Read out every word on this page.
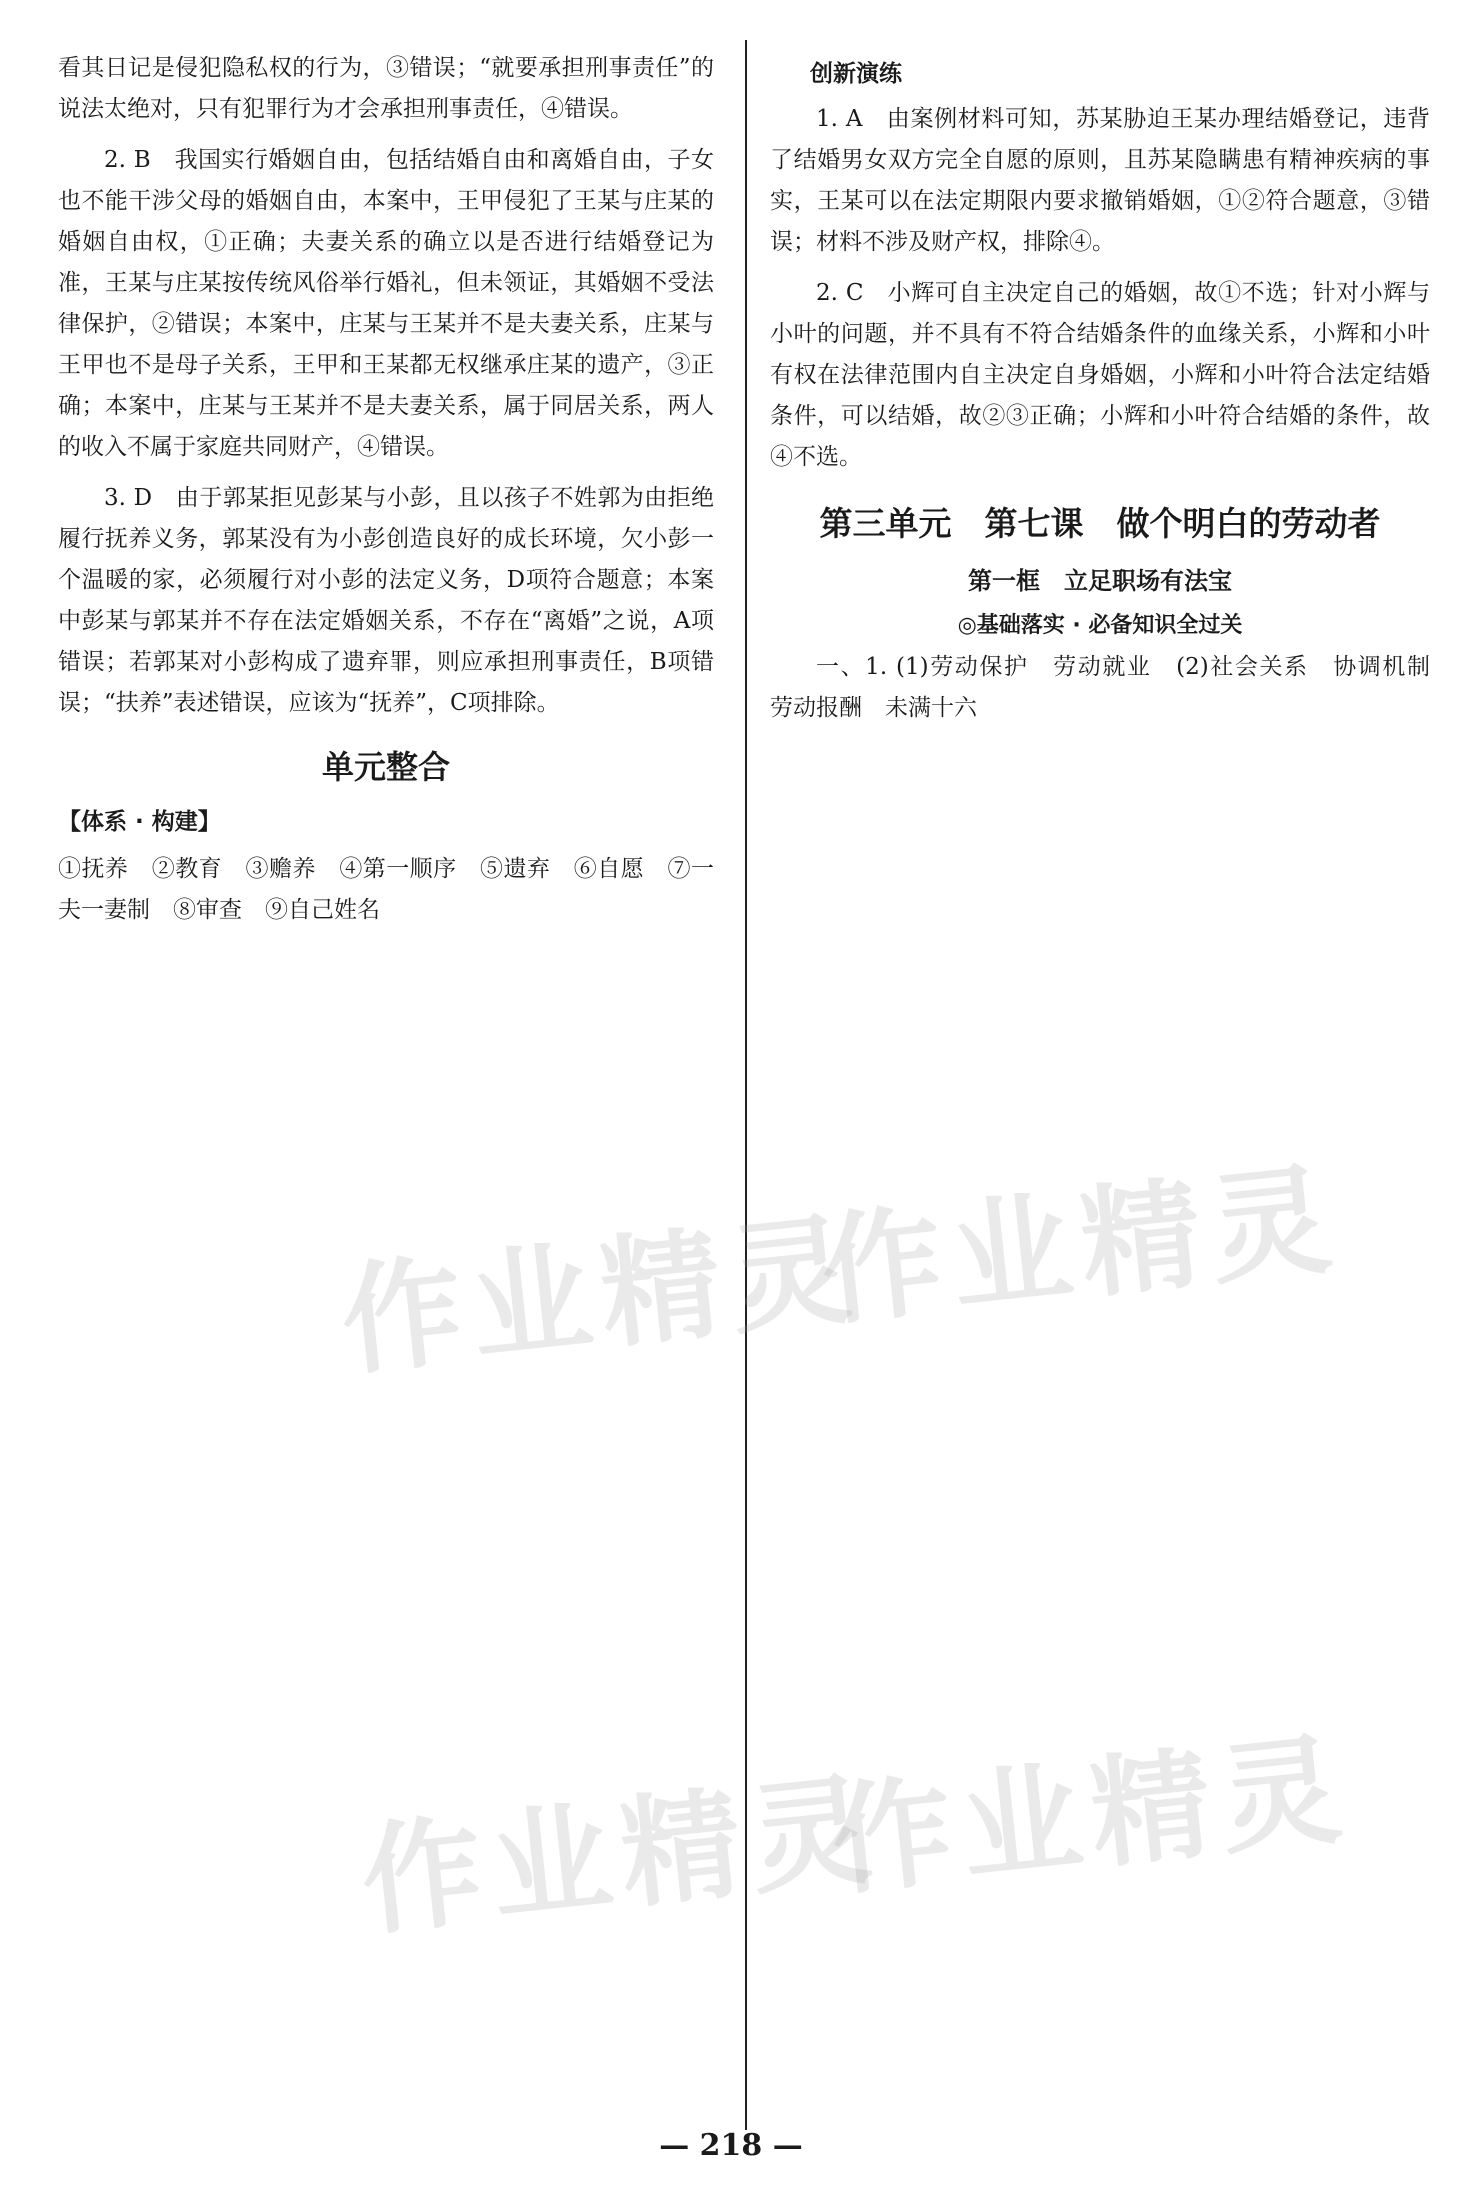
看其日记是侵犯隐私权的行为，③错误；“就要承担刑事责任”的说法太绝对，只有犯罪行为才会承担刑事责任，④错误。

2. B　我国实行婚姻自由，包括结婚自由和离婚自由，子女也不能干涉父母的婚姻自由，本案中，王甲侵犯了王某与庄某的婚姻自由权，①正确；夫妻关系的确立以是否进行结婚登记为准，王某与庄某按传统风俗举行婚礼，但未领证，其婚姻不受法律保护，②错误；本案中，庄某与王某并不是夫妻关系，庄某与王甲也不是母子关系，王甲和王某都无权继承庄某的遗产，③正确；本案中，庄某与王某并不是夫妻关系，属于同居关系，两人的收入不属于家庭共同财产，④错误。

3. D　由于郭某拒见彭某与小彭，且以孩子不姓郭为由拒绝履行抚养义务，郭某没有为小彭创造良好的成长环境，欠小彭一个温暖的家，必须履行对小彭的法定义务，D项符合题意；本案中彭某与郭某并不存在法定婚姻关系，不存在“离婚”之说，A项错误；若郭某对小彭构成了遗弃罪，则应承担刑事责任，B项错误；“扶养”表述错误，应该为“抚养”，C项排除。

单元整合
【体系 · 构建】

①抚养　②教育　③赡养　④第一顺序　⑤遗弃　⑥自愿　⑦一夫一妻制　⑧审查　⑨自己姓名

创新演练

1. A　由案例材料可知，苏某胁迫王某办理结婚登记，违背了结婚男女双方完全自愿的原则，且苏某隐瞒患有精神疾病的事实，王某可以在法定期限内要求撤销婚姻，①②符合题意，③错误；材料不涉及财产权，排除④。

2. C　小辉可自主决定自己的婚姻，故①不选；针对小辉与小叶的问题，并不具有不符合结婚条件的血缘关系，小辉和小叶有权在法律范围内自主决定自身婚姻，小辉和小叶符合法定结婚条件，可以结婚，故②③正确；小辉和小叶符合结婚的条件，故④不选。

第三单元　第七课　做个明白的劳动者
第一框　立足职场有法宝
◎基础落实 · 必备知识全过关

一、1. (1)劳动保护　劳动就业　(2)社会关系　协调机制　劳动报酬　未满十六

作业精灵
作业精灵
作业精灵
作业精灵
— 218 —
